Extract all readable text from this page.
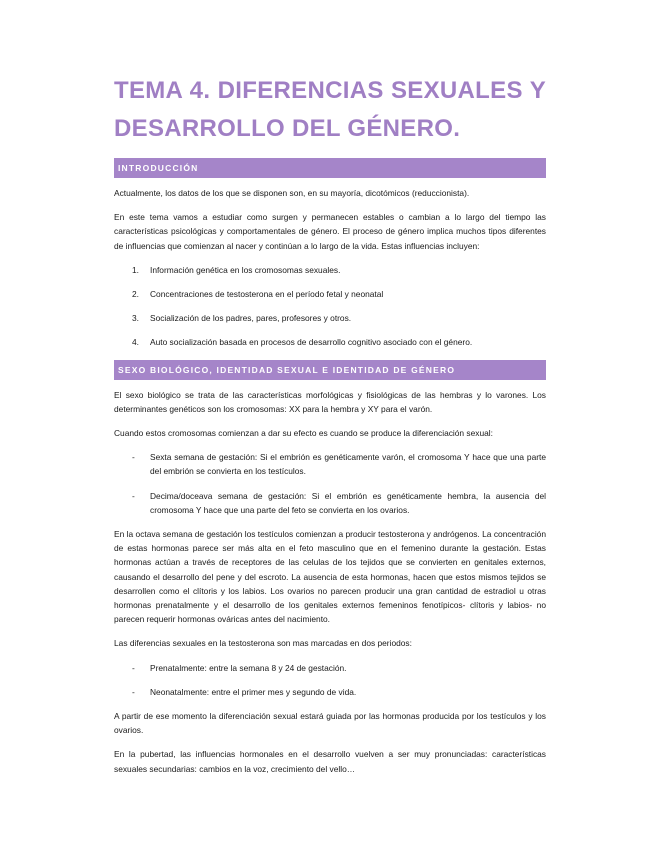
TEMA 4. DIFERENCIAS SEXUALES Y
DESARROLLO DEL GÉNERO.
INTRODUCCIÓN

Actualmente, los datos de los que se disponen son, en su mayoría, dicotómicos (reduccionista).

En este tema vamos a estudiar como surgen y permanecen estables o cambian a lo largo del tiempo las características psicológicas y comportamentales de género. El proceso de género implica muchos tipos diferentes de influencias que comienzan al nacer y continúan a lo largo de la vida. Estas influencias incluyen:

1. Información genética en los cromosomas sexuales.
2. Concentraciones de testosterona en el período fetal y neonatal
3. Socialización de los padres, pares, profesores y otros.
4. Auto socialización basada en procesos de desarrollo cognitivo asociado con el género.
SEXO BIOLÓGICO, IDENTIDAD SEXUAL E IDENTIDAD DE GÉNERO

El sexo biológico se trata de las características morfológicas y fisiológicas de las hembras y lo varones. Los determinantes genéticos son los cromosomas: XX para la hembra y XY para el varón.

Cuando estos cromosomas comienzan a dar su efecto es cuando se produce la diferenciación sexual:

- Sexta semana de gestación: Si el embrión es genéticamente varón, el cromosoma Y hace que una parte del embrión se convierta en los testículos.
- Decima/doceava semana de gestación: Si el embrión es genéticamente hembra, la ausencia del cromosoma Y hace que una parte del feto se convierta en los ovarios.

En la octava semana de gestación los testículos comienzan a producir testosterona y andrógenos. La concentración de estas hormonas parece ser más alta en el feto masculino que en el femenino durante la gestación. Estas hormonas actúan a través de receptores de las celulas de los tejidos que se convierten en genitales externos, causando el desarrollo del pene y del escroto. La ausencia de esta hormonas, hacen que estos mismos tejidos se desarrollen como el clítoris y los labios. Los ovarios no parecen producir una gran cantidad de estradiol u otras hormonas prenatalmente y el desarrollo de los genitales externos femeninos fenotípicos- clítoris y labios- no parecen requerir hormonas ováricas antes del nacimiento.

Las diferencias sexuales en la testosterona son mas marcadas en dos periodos:

- Prenatalmente: entre la semana 8 y 24 de gestación.
- Neonatalmente: entre el primer mes y segundo de vida.

A partir de ese momento la diferenciación sexual estará guiada por las hormonas producida por los testículos y los ovarios.

En la pubertad, las influencias hormonales en el desarrollo vuelven a ser muy pronunciadas: características sexuales secundarias: cambios en la voz, crecimiento del vello…
